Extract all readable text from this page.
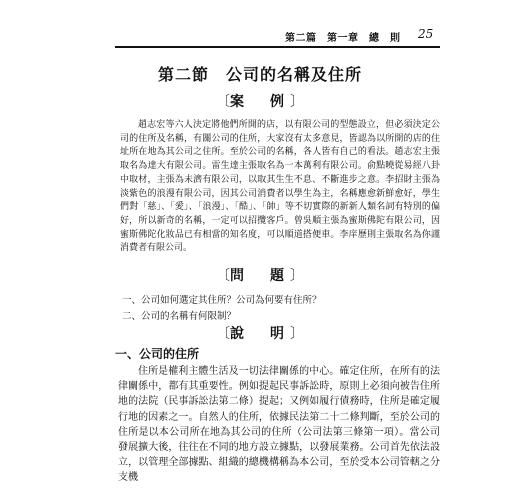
第二篇　第一章　總　則 25
第二節　公司的名稱及住所
〔案　例〕

趙志宏等六人決定將他們所開的店，以有限公司的型態設立，但必須決定公司的住所及名稱，有關公司的住所，大家沒有太多意見，皆認為以所開的店的住址所在地為其公司之住所。至於公司的名稱，各人皆有自己的看法。趙志宏主張取名為達大有限公司。雷生達主張取名為一本萬利有限公司。俞點曉從易經八卦中取材，主張為未濟有限公司，以取其生生不息、不斷進步之意。李招財主張為淡紫色的浪漫有限公司，因其公司消費者以學生為主，名稱應愈新鮮愈好，學生們對「慈」、「愛」、「浪漫」、「酷」、「帥」等不切實際的新新人類名詞有特別的偏好，所以新奇的名稱，一定可以招攬客戶。曾吳順主張為蜜斯佛陀有限公司，因蜜斯佛陀化妝品已有相當的知名度，可以順道搭便車。李庠歷則主張取名為你謹消費者有限公司。

〔問　題〕
一、公司如何選定其住所？公司為何要有住所？
二、公司的名稱有何限制？
〔說　明〕
一、公司的住所

住所是權利主體生活及一切法律關係的中心。確定住所，在所有的法律關係中，都有其重要性。例如提起民事訴訟時，原則上必須向被告住所地的法院（民事訴訟法第二條）提起；又例如履行債務時，住所是確定履行地的因素之一。自然人的住所，依據民法第二十二條判斷，至於公司的住所是以本公司所在地為其公司的住所（公司法第三條第一項）。當公司發展擴大後，往往在不同的地方設立據點，以發展業務。公司首先依法設立，以管理全部據點、組織的總機構稱為本公司，至於受本公司管轄之分支機
